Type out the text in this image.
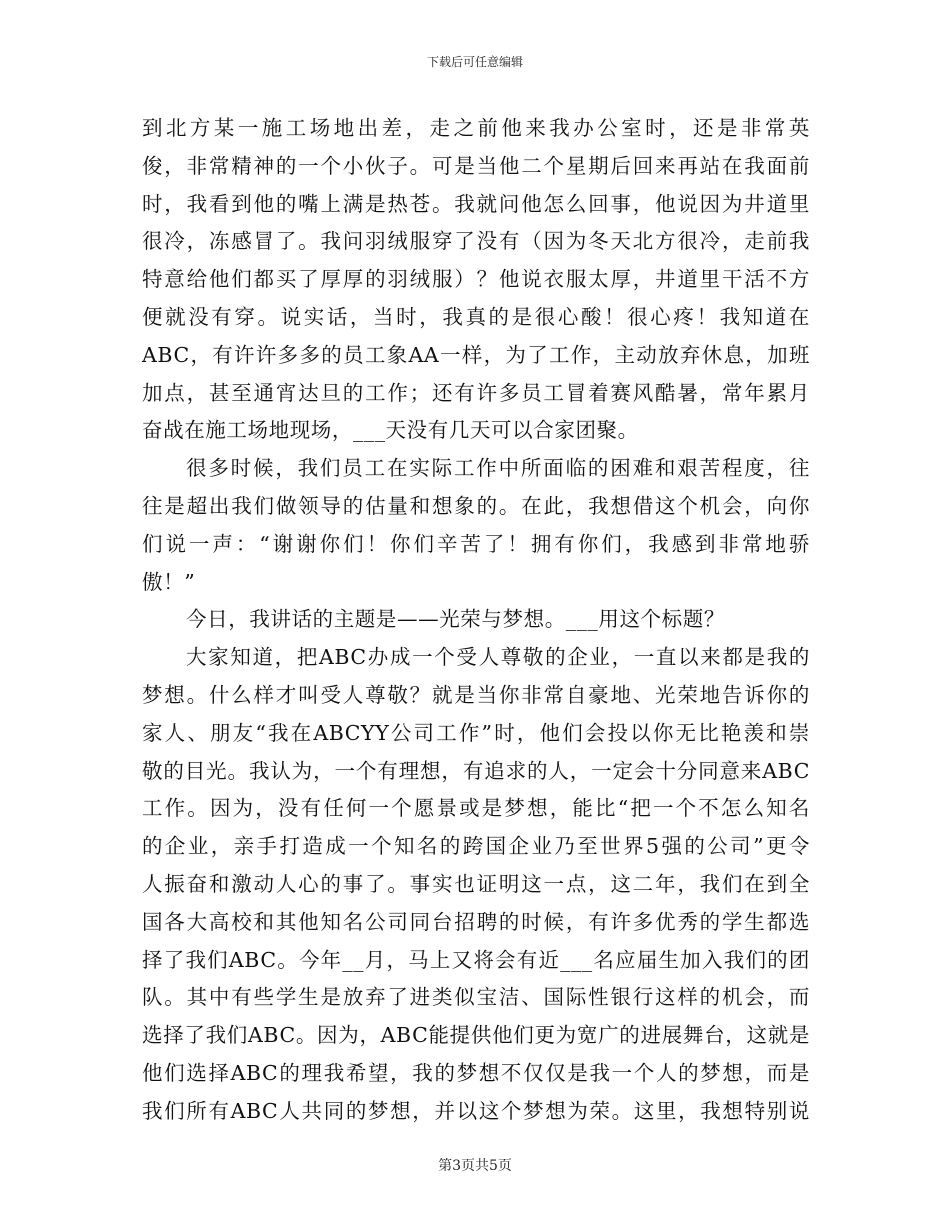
下载后可任意编辑
到北方某一施工场地出差，走之前他来我办公室时，还是非常英
俊，非常精神的一个小伙子。可是当他二个星期后回来再站在我面前
时，我看到他的嘴上满是热苍。我就问他怎么回事，他说因为井道里
很冷，冻感冒了。我问羽绒服穿了没有（因为冬天北方很冷，走前我
特意给他们都买了厚厚的羽绒服）？他说衣服太厚，井道里干活不方
便就没有穿。说实话，当时，我真的是很心酸！很心疼！我知道在
ABC，有许许多多的员工象AA一样，为了工作，主动放弃休息，加班
加点，甚至通宵达旦的工作；还有许多员工冒着赛风酷暑，常年累月
奋战在施工场地现场，___天没有几天可以合家团聚。
很多时候，我们员工在实际工作中所面临的困难和艰苦程度，往
往是超出我们做领导的估量和想象的。在此，我想借这个机会，向你
们说一声：“谢谢你们！你们辛苦了！拥有你们，我感到非常地骄
傲！”
今日，我讲话的主题是——光荣与梦想。___用这个标题？
大家知道，把ABC办成一个受人尊敬的企业，一直以来都是我的
梦想。什么样才叫受人尊敬？就是当你非常自豪地、光荣地告诉你的
家人、朋友“我在ABCYY公司工作”时，他们会投以你无比艳羡和崇
敬的目光。我认为，一个有理想，有追求的人，一定会十分同意来ABC
工作。因为，没有任何一个愿景或是梦想，能比“把一个不怎么知名
的企业，亲手打造成一个知名的跨国企业乃至世界5强的公司”更令
人振奋和激动人心的事了。事实也证明这一点，这二年，我们在到全
国各大高校和其他知名公司同台招聘的时候，有许多优秀的学生都选
择了我们ABC。今年__月，马上又将会有近___名应届生加入我们的团
队。其中有些学生是放弃了进类似宝洁、国际性银行这样的机会，而
选择了我们ABC。因为，ABC能提供他们更为宽广的进展舞台，这就是
他们选择ABC的理我希望，我的梦想不仅仅是我一个人的梦想，而是
我们所有ABC人共同的梦想，并以这个梦想为荣。这里，我想特别说
第3页共5页
